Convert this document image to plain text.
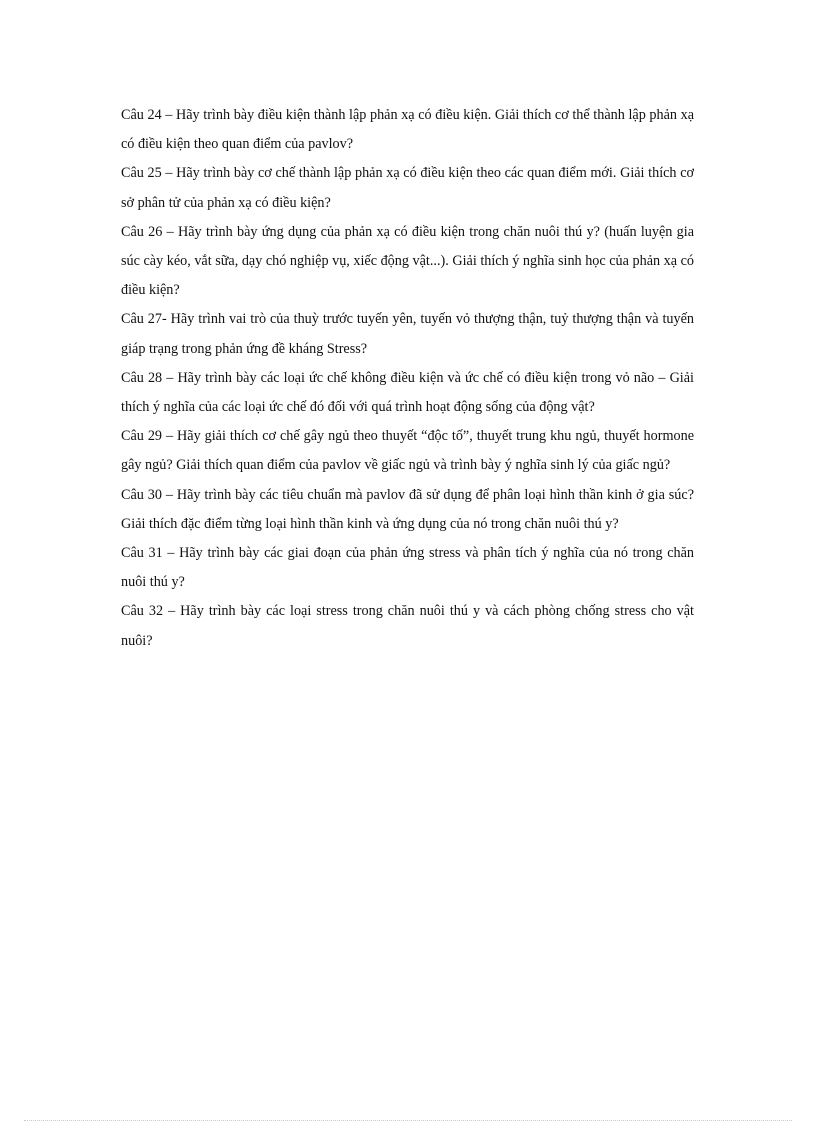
Câu 24 – Hãy trình bày điều kiện thành lập phản xạ có điều kiện. Giải thích cơ thể thành lập phản xạ có điều kiện theo quan điểm của pavlov?

Câu 25 – Hãy trình bày cơ chế thành lập phản xạ có điều kiện theo các quan điểm mới. Giải thích cơ sở phân tử của phản xạ có điều kiện?

Câu 26 – Hãy trình bày ứng dụng của phản xạ có điều kiện trong chăn nuôi thú y? (huấn luyện gia súc cày kéo, vắt sữa, dạy chó nghiệp vụ, xiếc động vật...). Giải thích ý nghĩa sinh học của phản xạ có điều kiện?

Câu 27- Hãy trình vai trò của thuỳ trước tuyến yên, tuyến vỏ thượng thận, tuỷ thượng thận và tuyến giáp trạng trong phản ứng đề kháng Stress?

Câu 28 – Hãy trình bày các loại ức chế không điều kiện và ức chế có điều kiện trong vỏ não – Giải thích ý nghĩa của các loại ức chế đó đối với quá trình hoạt động sống của động vật?

Câu 29 – Hãy giải thích cơ chế gây ngủ theo thuyết “độc tố”, thuyết trung khu ngủ, thuyết hormone gây ngủ? Giải thích quan điểm của pavlov về giấc ngủ và trình bày ý nghĩa sinh lý của giấc ngủ?

Câu 30 – Hãy trình bày các tiêu chuẩn mà pavlov đã sử dụng để phân loại hình thần kinh ở gia súc? Giải thích đặc điểm từng loại hình thần kinh và ứng dụng của nó trong chăn nuôi thú y?

Câu 31 – Hãy trình bày các giai đoạn của phản ứng stress và phân tích ý nghĩa của nó trong chăn nuôi thú y?

Câu 32 – Hãy trình bày các loại stress trong chăn nuôi thú y và cách phòng chống stress cho vật nuôi?
